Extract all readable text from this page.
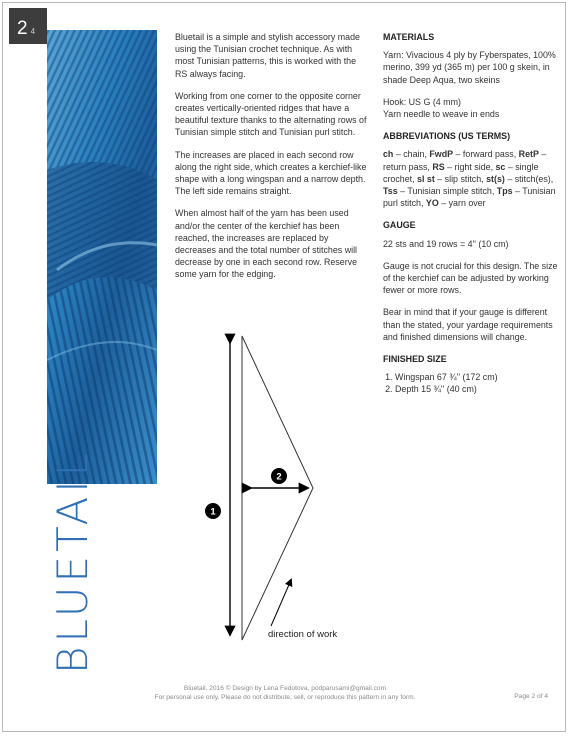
2 4
BLUETAIL

Bluetail is a simple and stylish accessory made using the Tunisian crochet technique. As with most Tunisian patterns, this is worked with the RS always facing.

Working from one corner to the opposite corner creates vertically-oriented ridges that have a beautiful texture thanks to the alternating rows of Tunisian simple stitch and Tunisian purl stitch.

The increases are placed in each second row along the right side, which creates a kerchief-like shape with a long wingspan and a narrow depth. The left side remains straight.

When almost half of the yarn has been used and/or the center of the kerchief has been reached, the increases are replaced by decreases and the total number of stitches will decrease by one in each second row. Reserve some yarn for the edging.

MATERIALS

Yarn: Vivacious 4 ply by Fyberspates, 100% merino, 399 yd (365 m) per 100 g skein, in shade Deep Aqua, two skeins

Hook: US G (4 mm)

Yarn needle to weave in ends

ABBREVIATIONS (US TERMS)

ch – chain, FwdP – forward pass, RetP – return pass, RS – right side, sc – single crochet, sl st – slip stitch, st(s) – stitch(es), Tss – Tunisian simple stitch, Tps – Tunisian purl stitch, YO – yarn over

GAUGE

22 sts and 19 rows = 4'' (10 cm)

Gauge is not crucial for this design. The size of the kerchief can be adjusted by working fewer or more rows.

Bear in mind that if your gauge is different than the stated, your yardage requirements and finished dimensions will change.

FINISHED SIZE
1. Wingspan 67 ¾'' (172 cm)
2. Depth 15 ¾'' (40 cm)
1
2
direction of work
Bluetail, 2016 © Design by Lena Fedotova, podparusami@gmail.com
For personal use only. Please do not distribute, sell, or reproduce this pattern in any form.	Page 2 of 4
